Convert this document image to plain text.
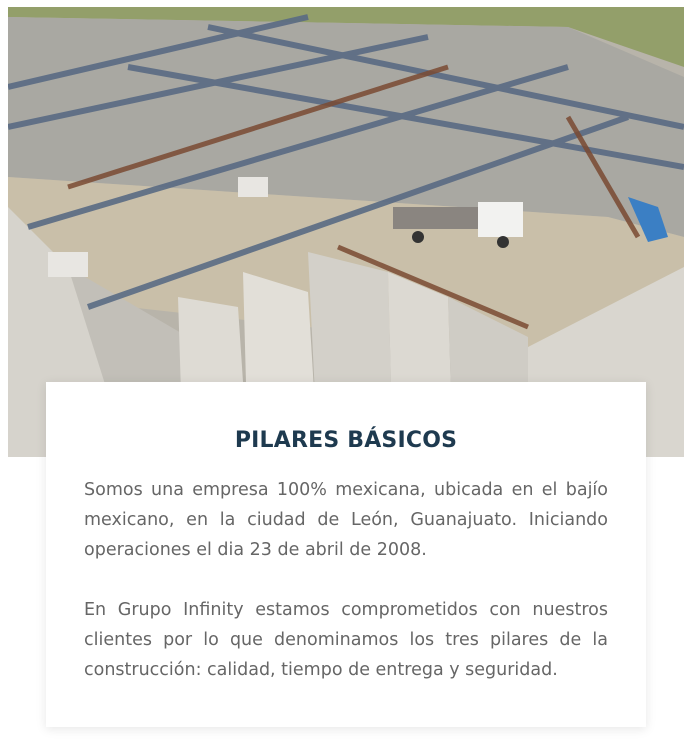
PILARES BÁSICOS

Somos una empresa 100% mexicana, ubicada en el bajío mexicano, en la ciudad de León, Guanajuato. Iniciando operaciones el dia 23 de abril de 2008.

En Grupo Infinity estamos comprometidos con nuestros clientes por lo que denominamos los tres pilares de la construcción: calidad, tiempo de entrega y seguridad.
